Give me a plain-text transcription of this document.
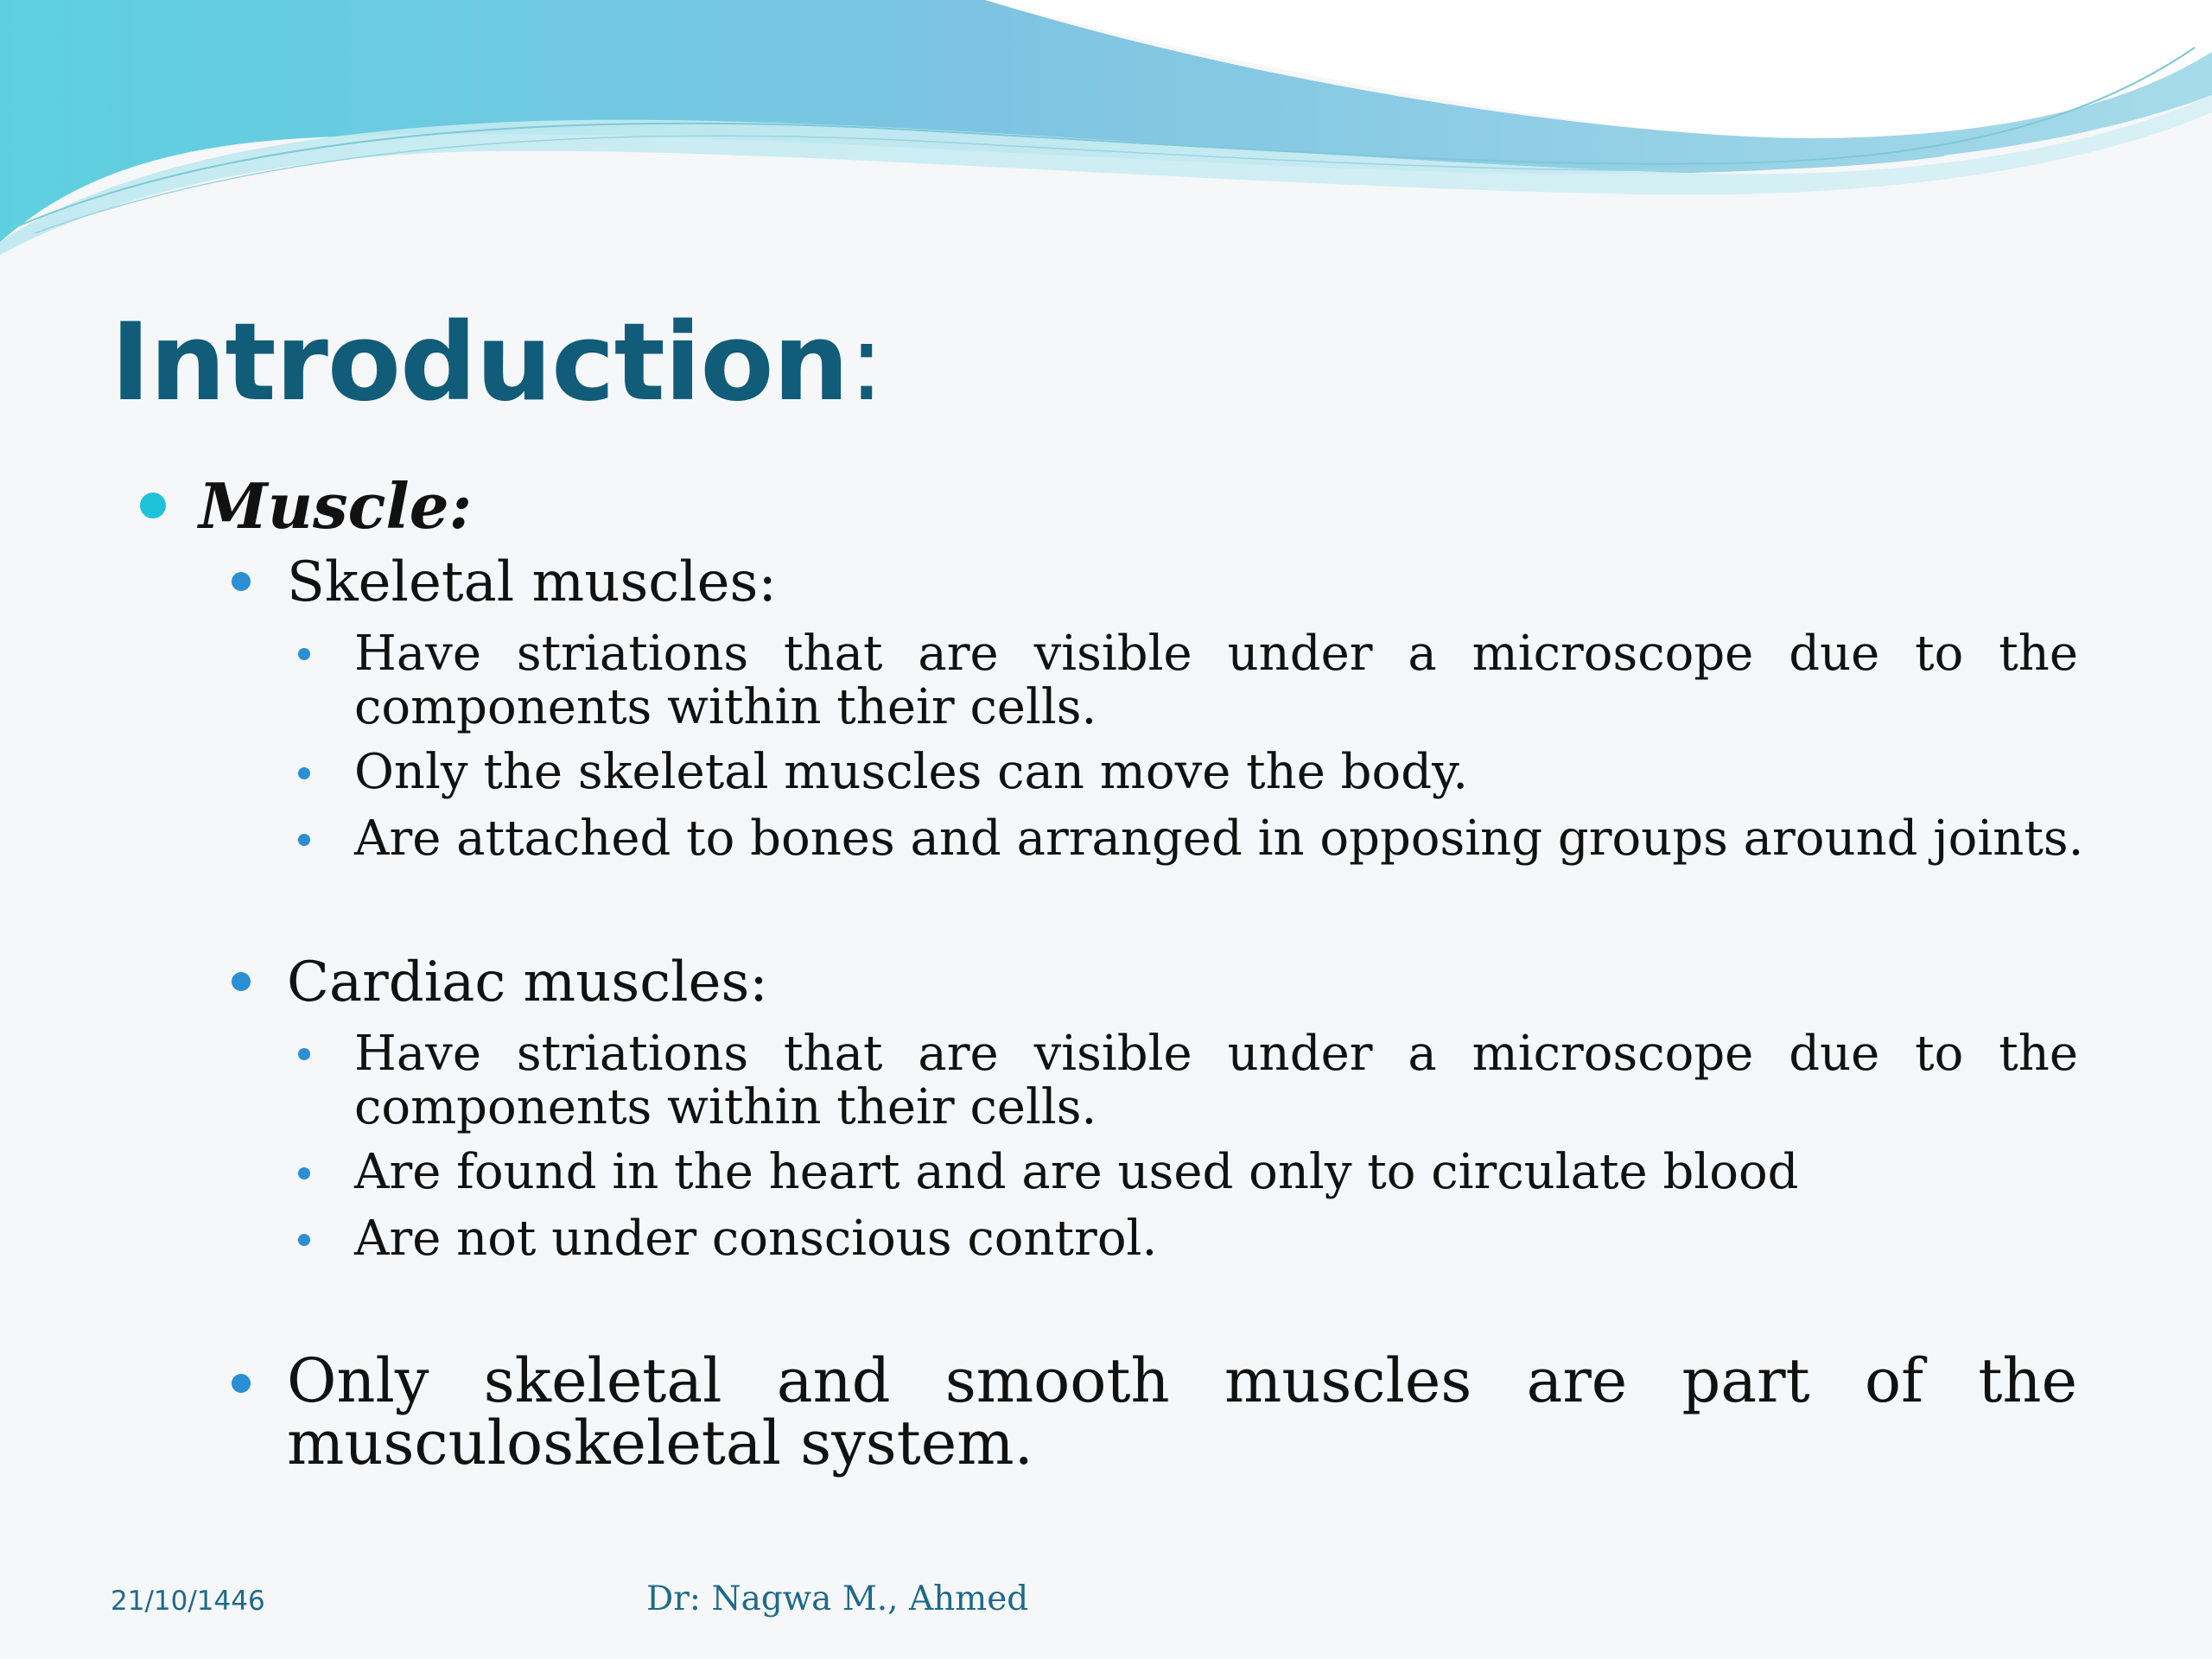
Introduction:

Muscle:

Skeletal muscles:

Have striations that are visible under a microscope due to the components within their cells.

Only the skeletal muscles can move the body.

Are attached to bones and arranged in opposing groups around joints.

Cardiac muscles:

Have striations that are visible under a microscope due to the components within their cells.

Are found in the heart and are used only to circulate blood

Are not under conscious control.

Only skeletal and smooth muscles are part of the musculoskeletal system.

21/10/1446	Dr: Nagwa M., Ahmed
